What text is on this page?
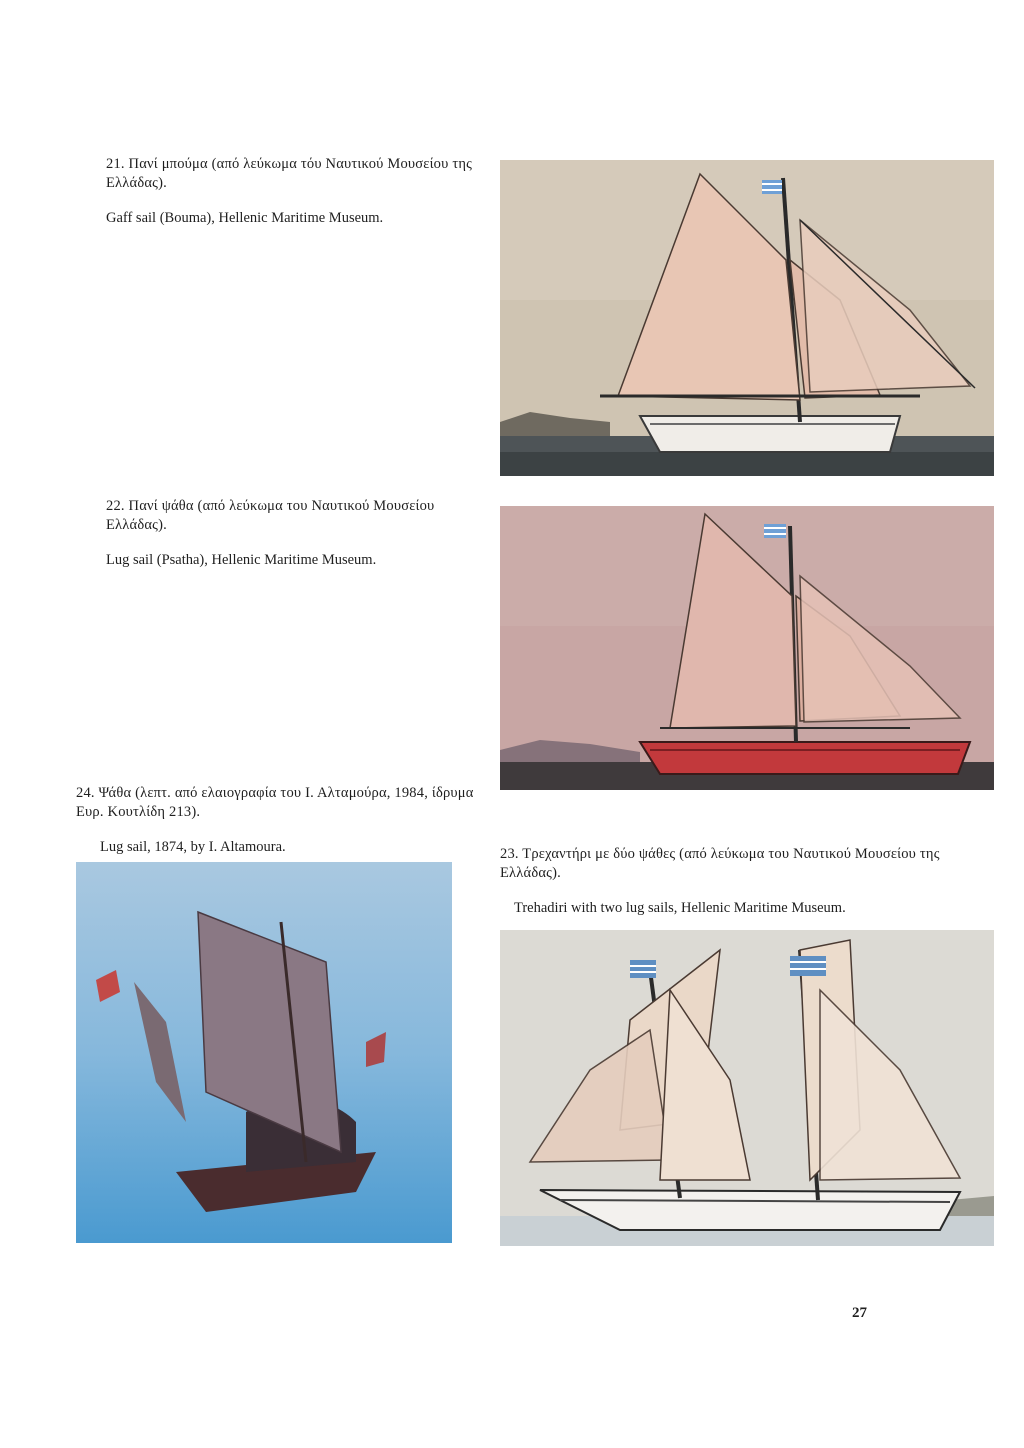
21. Πανί μπούμα (από λεύκωμα τόυ Ναυτικού Μουσείου της Ελλάδας).

Gaff sail (Bouma), Hellenic Maritime Museum.

22. Πανί ψάθα (από λεύκωμα του Ναυτικού Μουσείου Ελλάδας).

Lug sail (Psatha), Hellenic Maritime Museum.

24. Ψάθα (λεπτ. από ελαιογραφία του Ι. Αλταμούρα, 1984, ίδρυμα Ευρ. Κουτλίδη 213).

Lug sail, 1874, by I. Altamoura.	23. Τρεχαντήρι με δύο ψάθες (από λεύκωμα του Ναυτικού Μουσείου της Ελλάδας).

Trehadiri with two lug sails, Hellenic Maritime Museum.

27
